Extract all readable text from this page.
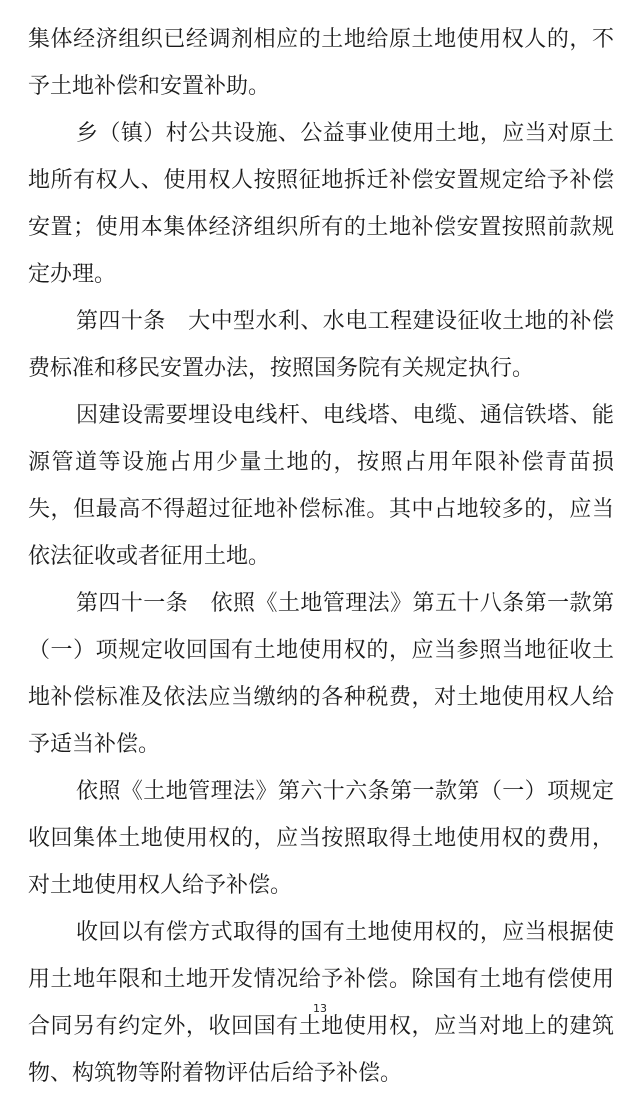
集体经济组织已经调剂相应的土地给原土地使用权人的，不
予土地补偿和安置补助。

乡（镇）村公共设施、公益事业使用土地，应当对原土
地所有权人、使用权人按照征地拆迁补偿安置规定给予补偿
安置；使用本集体经济组织所有的土地补偿安置按照前款规
定办理。

第四十条　大中型水利、水电工程建设征收土地的补偿
费标准和移民安置办法，按照国务院有关规定执行。

因建设需要埋设电线杆、电线塔、电缆、通信铁塔、能
源管道等设施占用少量土地的，按照占用年限补偿青苗损
失，但最高不得超过征地补偿标准。其中占地较多的，应当
依法征收或者征用土地。

第四十一条　依照《土地管理法》第五十八条第一款第
（一）项规定收回国有土地使用权的，应当参照当地征收土
地补偿标准及依法应当缴纳的各种税费，对土地使用权人给
予适当补偿。

依照《土地管理法》第六十六条第一款第（一）项规定
收回集体土地使用权的，应当按照取得土地使用权的费用，
对土地使用权人给予补偿。

收回以有偿方式取得的国有土地使用权的，应当根据使
用土地年限和土地开发情况给予补偿。除国有土地有偿使用
合同另有约定外，收回国有土地使用权，应当对地上的建筑
物、构筑物等附着物评估后给予补偿。

13
